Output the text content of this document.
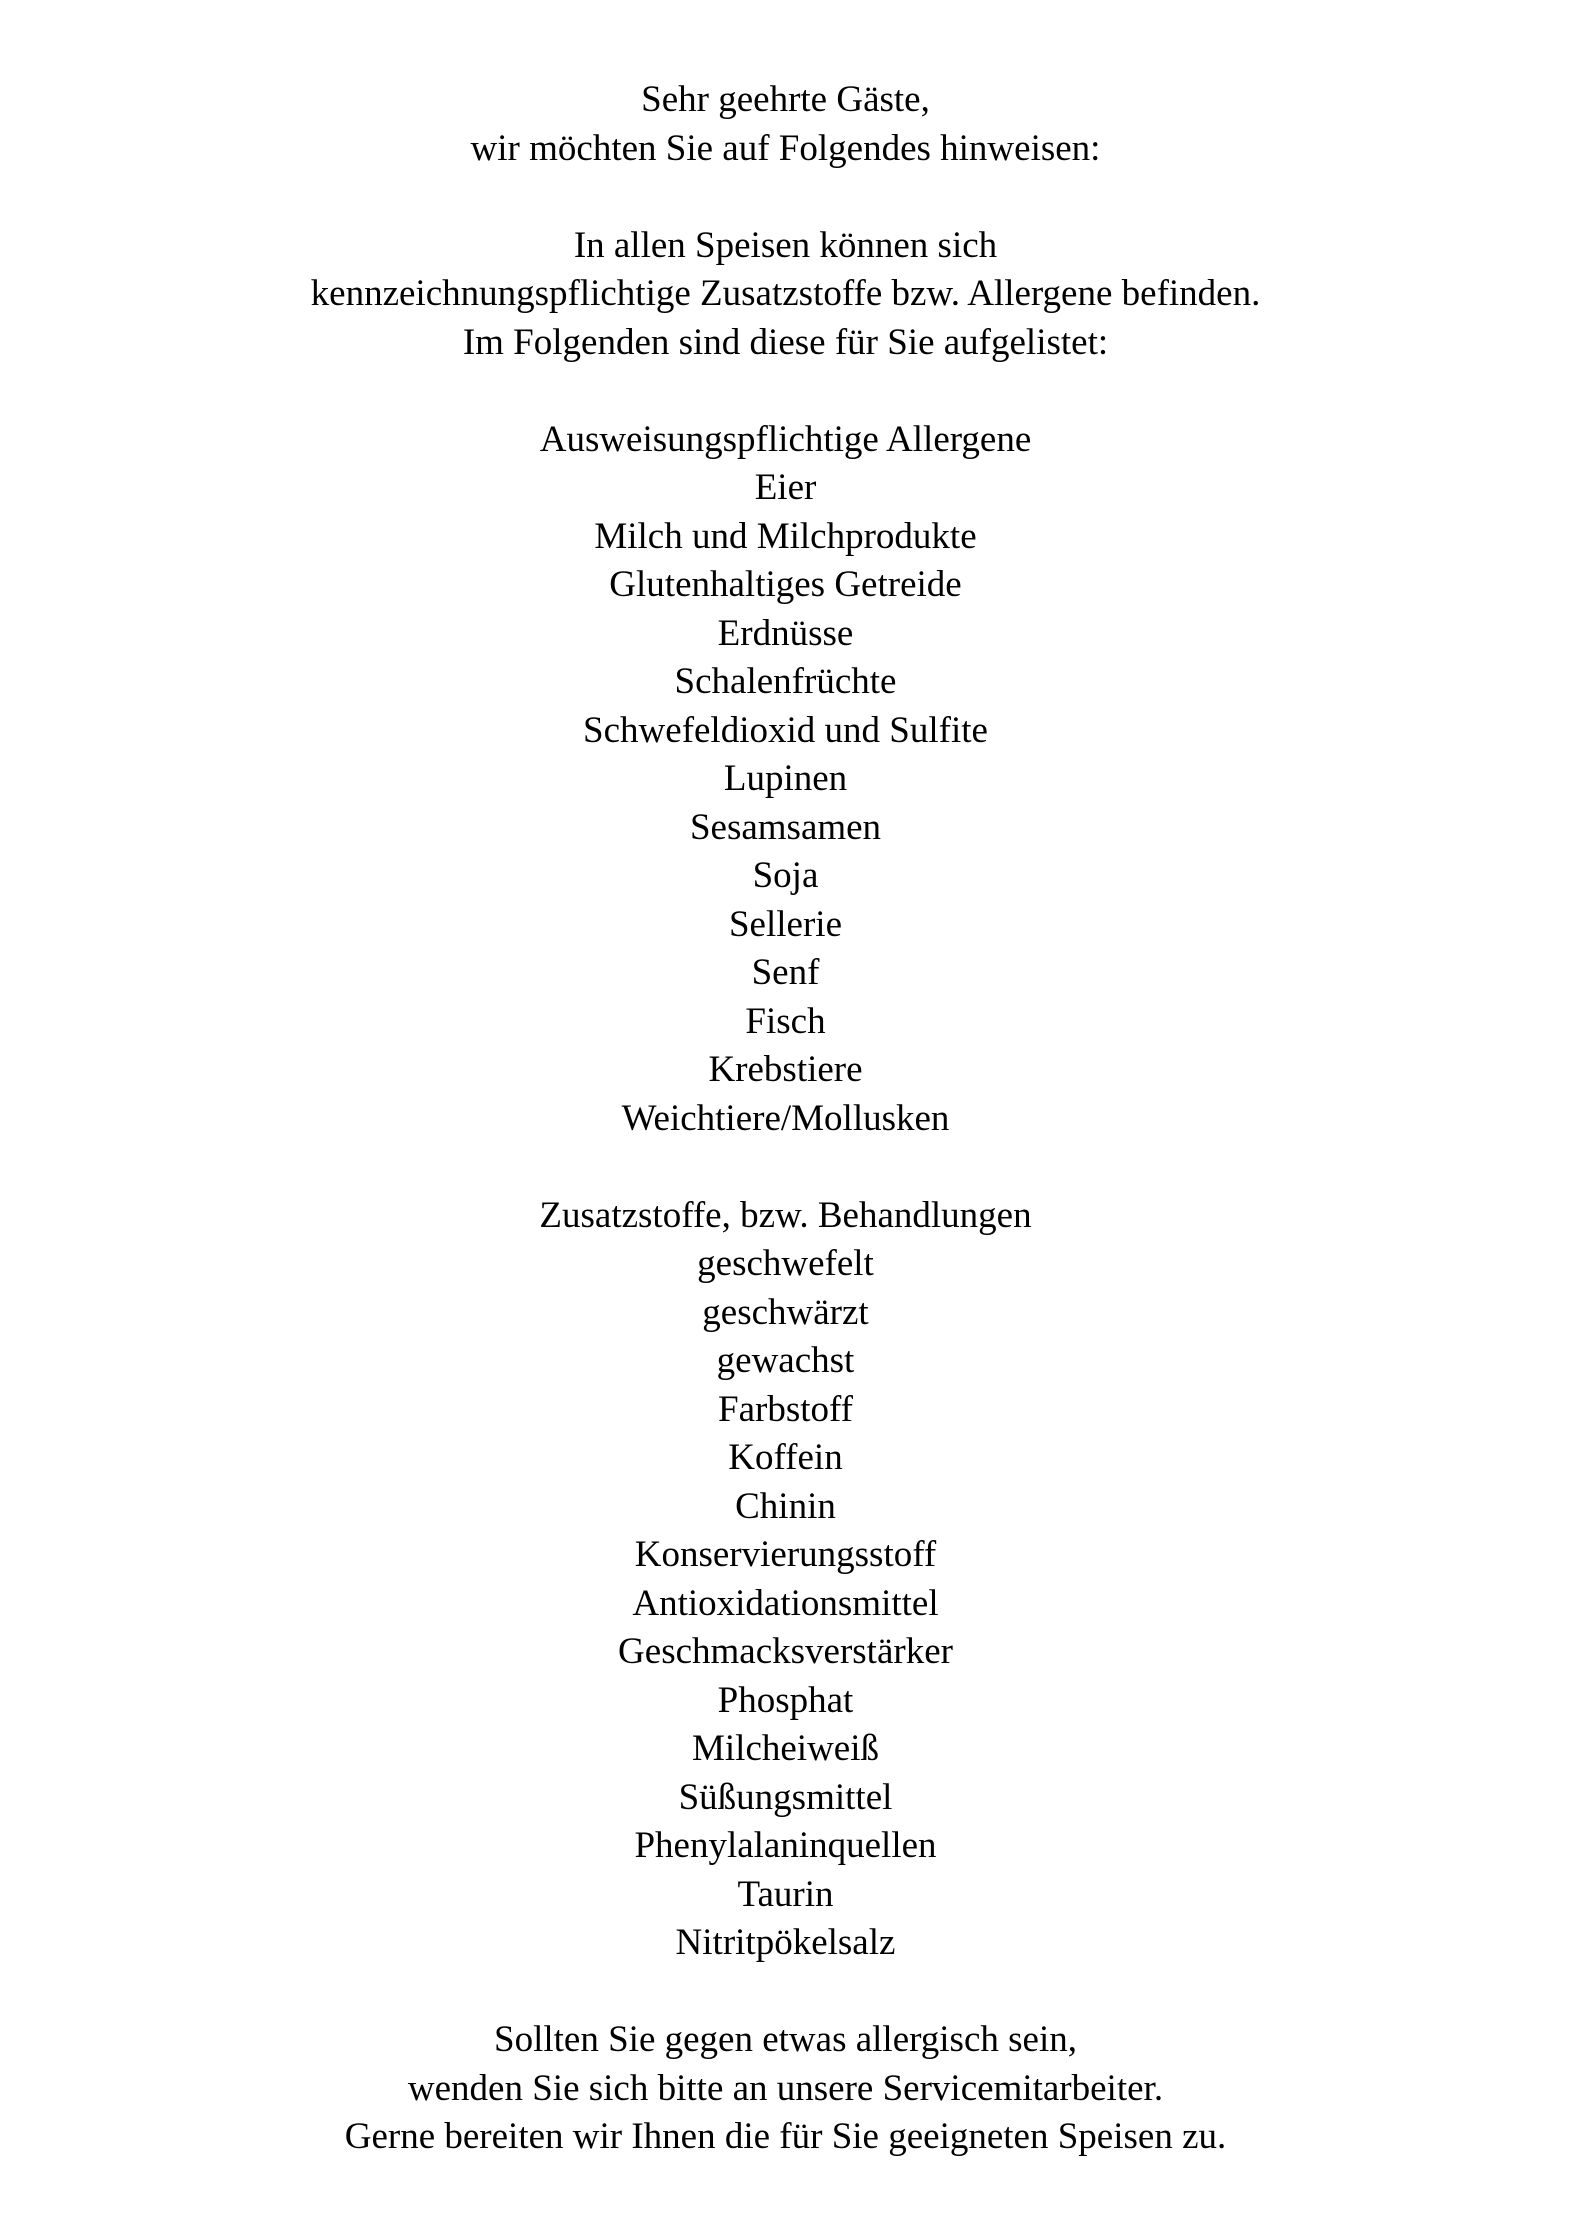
Sehr geehrte Gäste,
wir möchten Sie auf Folgendes hinweisen:
In allen Speisen können sich
kennzeichnungspflichtige Zusatzstoffe bzw. Allergene befinden.
Im Folgenden sind diese für Sie aufgelistet:
Ausweisungspflichtige Allergene
Eier
Milch und Milchprodukte
Glutenhaltiges Getreide
Erdnüsse
Schalenfrüchte
Schwefeldioxid und Sulfite
Lupinen
Sesamsamen
Soja
Sellerie
Senf
Fisch
Krebstiere
Weichtiere/Mollusken
Zusatzstoffe, bzw. Behandlungen
geschwefelt
geschwärzt
gewachst
Farbstoff
Koffein
Chinin
Konservierungsstoff
Antioxidationsmittel
Geschmacksverstärker
Phosphat
Milcheiweiß
Süßungsmittel
Phenylalaninquellen
Taurin
Nitritpökelsalz
Sollten Sie gegen etwas allergisch sein,
wenden Sie sich bitte an unsere Servicemitarbeiter.
Gerne bereiten wir Ihnen die für Sie geeigneten Speisen zu.
